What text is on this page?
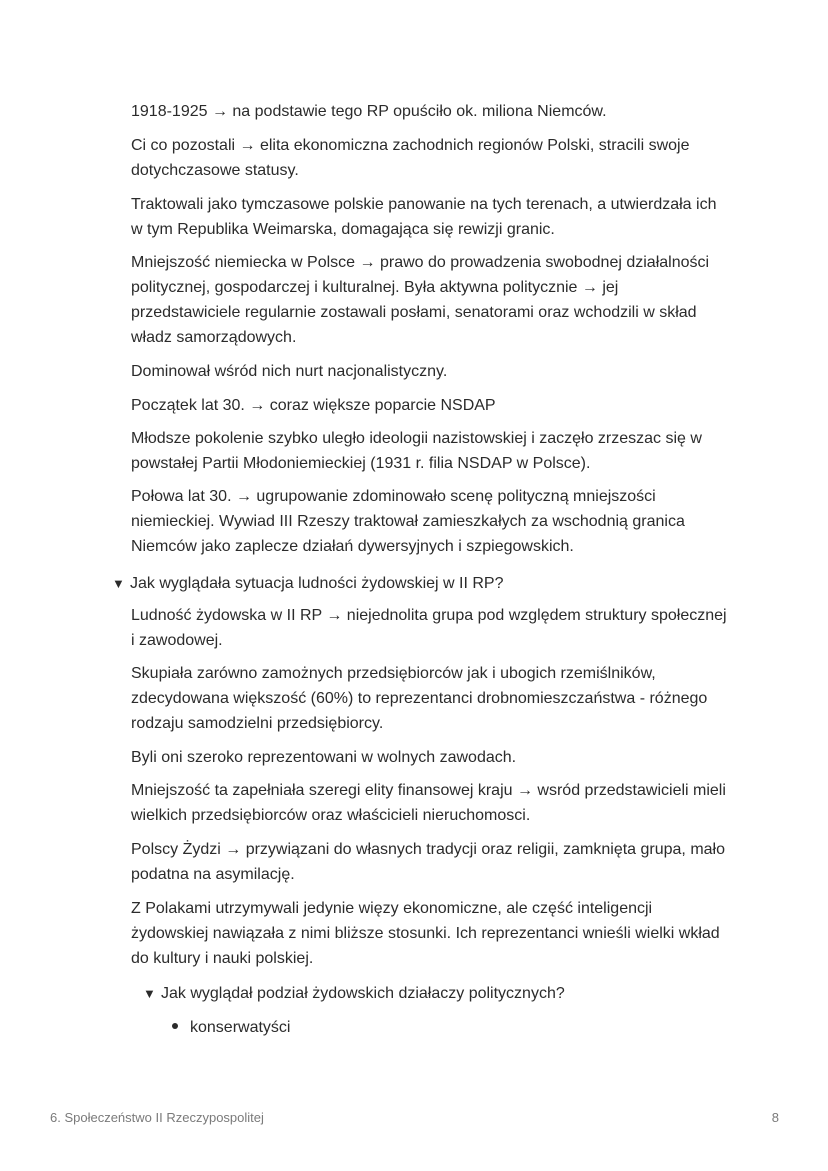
1918-1925 → na podstawie tego RP opuściło ok. miliona Niemców.

Ci co pozostali → elita ekonomiczna zachodnich regionów Polski, stracili swoje dotychczasowe statusy.

Traktowali jako tymczasowe polskie panowanie na tych terenach, a utwierdzała ich w tym Republika Weimarska, domagająca się rewizji granic.

Mniejszość niemiecka w Polsce → prawo do prowadzenia swobodnej działalności politycznej, gospodarczej i kulturalnej. Była aktywna politycznie → jej przedstawiciele regularnie zostawali posłami, senatorami oraz wchodzili w skład władz samorządowych.

Dominował wśród nich nurt nacjonalistyczny.

Początek lat 30. → coraz większe poparcie NSDAP

Młodsze pokolenie szybko uległo ideologii nazistowskiej i zaczęło zrzeszac się w powstałej Partii Młodoniemieckiej (1931 r. filia NSDAP w Polsce).

Połowa lat 30. → ugrupowanie zdominowało scenę polityczną mniejszości niemieckiej. Wywiad III Rzeszy traktował zamieszkałych za wschodnią granica Niemców jako zaplecze działań dywersyjnych i szpiegowskich.

▼ Jak wyglądała sytuacja ludności żydowskiej w II RP?

Ludność żydowska w II RP → niejednolita grupa pod względem struktury społecznej i zawodowej.

Skupiała zarówno zamożnych przedsiębiorców jak i ubogich rzemiślników, zdecydowana większość (60%) to reprezentanci drobnomieszczaństwa - różnego rodzaju samodzielni przedsiębiorcy.

Byli oni szeroko reprezentowani w wolnych zawodach.

Mniejszość ta zapełniała szeregi elity finansowej kraju → wsród przedstawicieli mieli wielkich przedsiębiorców oraz właścicieli nieruchomosci.

Polscy Żydzi → przywiązani do własnych tradycji oraz religii, zamknięta grupa, mało podatna na asymilację.

Z Polakami utrzymywali jedynie więzy ekonomiczne, ale część inteligencji żydowskiej nawiązała z nimi bliższe stosunki. Ich reprezentanci wnieśli wielki wkład do kultury i nauki polskiej.

▼ Jak wyglądał podział żydowskich działaczy politycznych?
konserwatyści
6. Społeczeństwo II Rzeczypospolitej	8
